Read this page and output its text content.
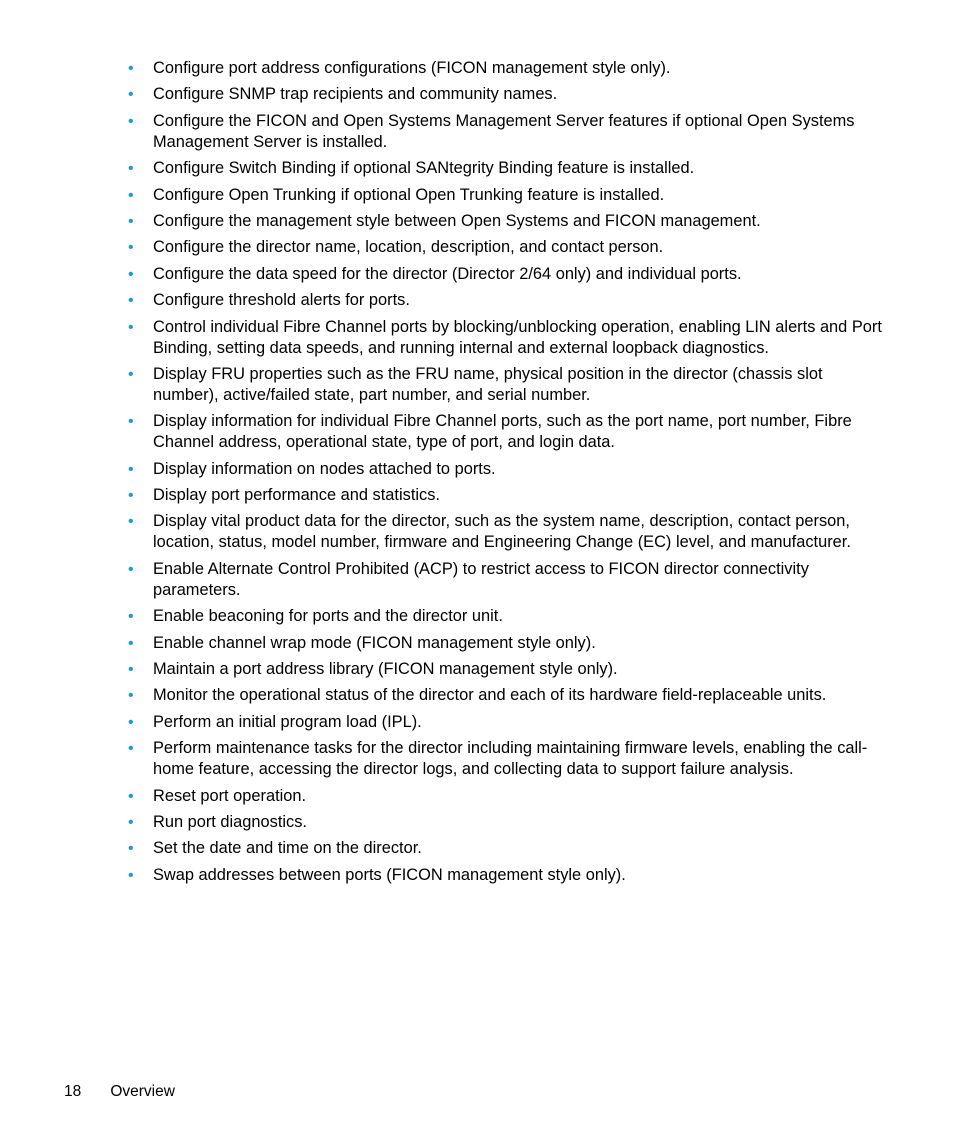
• Configure port address configurations (FICON management style only).
• Configure SNMP trap recipients and community names.
• Configure the FICON and Open Systems Management Server features if optional Open Systems Management Server is installed.
• Configure Switch Binding if optional SANtegrity Binding feature is installed.
• Configure Open Trunking if optional Open Trunking feature is installed.
• Configure the management style between Open Systems and FICON management.
• Configure the director name, location, description, and contact person.
• Configure the data speed for the director (Director 2/64 only) and individual ports.
• Configure threshold alerts for ports.
• Control individual Fibre Channel ports by blocking/unblocking operation, enabling LIN alerts and Port Binding, setting data speeds, and running internal and external loopback diagnostics.
• Display FRU properties such as the FRU name, physical position in the director (chassis slot number), active/failed state, part number, and serial number.
• Display information for individual Fibre Channel ports, such as the port name, port number, Fibre Channel address, operational state, type of port, and login data.
• Display information on nodes attached to ports.
• Display port performance and statistics.
• Display vital product data for the director, such as the system name, description, contact person, location, status, model number, firmware and Engineering Change (EC) level, and manufacturer.
• Enable Alternate Control Prohibited (ACP) to restrict access to FICON director connectivity parameters.
• Enable beaconing for ports and the director unit.
• Enable channel wrap mode (FICON management style only).
• Maintain a port address library (FICON management style only).
• Monitor the operational status of the director and each of its hardware field-replaceable units.
• Perform an initial program load (IPL).
• Perform maintenance tasks for the director including maintaining firmware levels, enabling the call-home feature, accessing the director logs, and collecting data to support failure analysis.
• Reset port operation.
• Run port diagnostics.
• Set the date and time on the director.
• Swap addresses between ports (FICON management style only).
18 Overview
